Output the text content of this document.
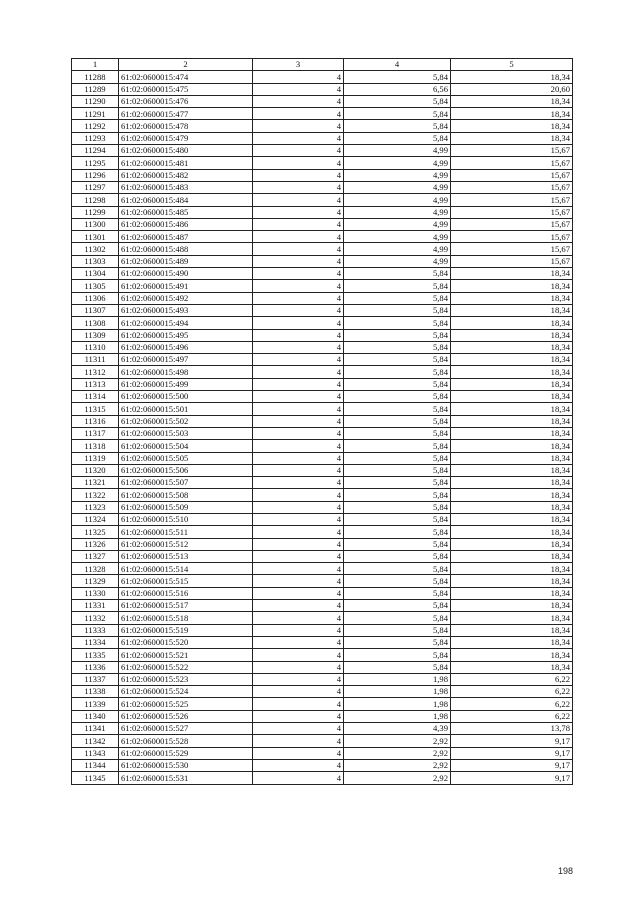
1	2	3	4	5
11288	61:02:0600015:474	4	5,84	18,34
11289	61:02:0600015:475	4	6,56	20,60
11290	61:02:0600015:476	4	5,84	18,34
11291	61:02:0600015:477	4	5,84	18,34
11292	61:02:0600015:478	4	5,84	18,34
11293	61:02:0600015:479	4	5,84	18,34
11294	61:02:0600015:480	4	4,99	15,67
11295	61:02:0600015:481	4	4,99	15,67
11296	61:02:0600015:482	4	4,99	15,67
11297	61:02:0600015:483	4	4,99	15,67
11298	61:02:0600015:484	4	4,99	15,67
11299	61:02:0600015:485	4	4,99	15,67
11300	61:02:0600015:486	4	4,99	15,67
11301	61:02:0600015:487	4	4,99	15,67
11302	61:02:0600015:488	4	4,99	15,67
11303	61:02:0600015:489	4	4,99	15,67
11304	61:02:0600015:490	4	5,84	18,34
11305	61:02:0600015:491	4	5,84	18,34
11306	61:02:0600015:492	4	5,84	18,34
11307	61:02:0600015:493	4	5,84	18,34
11308	61:02:0600015:494	4	5,84	18,34
11309	61:02:0600015:495	4	5,84	18,34
11310	61:02:0600015:496	4	5,84	18,34
11311	61:02:0600015:497	4	5,84	18,34
11312	61:02:0600015:498	4	5,84	18,34
11313	61:02:0600015:499	4	5,84	18,34
11314	61:02:0600015:500	4	5,84	18,34
11315	61:02:0600015:501	4	5,84	18,34
11316	61:02:0600015:502	4	5,84	18,34
11317	61:02:0600015:503	4	5,84	18,34
11318	61:02:0600015:504	4	5,84	18,34
11319	61:02:0600015:505	4	5,84	18,34
11320	61:02:0600015:506	4	5,84	18,34
11321	61:02:0600015:507	4	5,84	18,34
11322	61:02:0600015:508	4	5,84	18,34
11323	61:02:0600015:509	4	5,84	18,34
11324	61:02:0600015:510	4	5,84	18,34
11325	61:02:0600015:511	4	5,84	18,34
11326	61:02:0600015:512	4	5,84	18,34
11327	61:02:0600015:513	4	5,84	18,34
11328	61:02:0600015:514	4	5,84	18,34
11329	61:02:0600015:515	4	5,84	18,34
11330	61:02:0600015:516	4	5,84	18,34
11331	61:02:0600015:517	4	5,84	18,34
11332	61:02:0600015:518	4	5,84	18,34
11333	61:02:0600015:519	4	5,84	18,34
11334	61:02:0600015:520	4	5,84	18,34
11335	61:02:0600015:521	4	5,84	18,34
11336	61:02:0600015:522	4	5,84	18,34
11337	61:02:0600015:523	4	1,98	6,22
11338	61:02:0600015:524	4	1,98	6,22
11339	61:02:0600015:525	4	1,98	6,22
11340	61:02:0600015:526	4	1,98	6,22
11341	61:02:0600015:527	4	4,39	13,78
11342	61:02:0600015:528	4	2,92	9,17
11343	61:02:0600015:529	4	2,92	9,17
11344	61:02:0600015:530	4	2,92	9,17
11345	61:02:0600015:531	4	2,92	9,17
198
